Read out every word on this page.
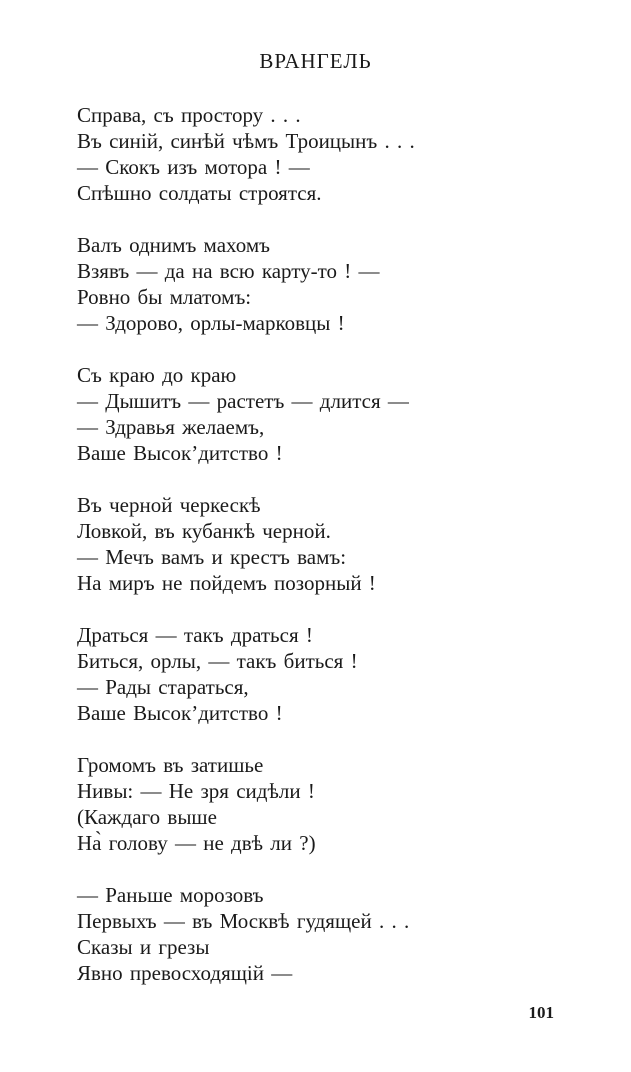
ВРАНГЕЛЬ
Справа, съ простору . . .
Въ синій, синѣй чѣмъ Троицынъ . . .
— Скокъ изъ мотора ! —
Спѣшно солдаты строятся.
Валъ однимъ махомъ
Взявъ — да на всю карту-то ! —
Ровно бы млатомъ:
— Здорово, орлы-марковцы !
Съ краю до краю
— Дышитъ — растетъ — длится —
— Здравья желаемъ,
Ваше Высок’дитство !
Въ черной черкескѣ
Ловкой, въ кубанкѣ черной.
— Мечъ вамъ и крестъ вамъ:
На миръ не пойдемъ позорный !
Драться — такъ драться !
Биться, орлы, — такъ биться !
— Рады стараться,
Ваше Высок’дитство !
Громомъ въ затишье
Нивы: — Не зря сидѣли !
(Каждаго выше
На̀ голову — не двѣ ли ?)
— Раньше морозовъ
Первыхъ — въ Москвѣ гудящей . . .
Сказы и грезы
Явно превосходящій —
101
